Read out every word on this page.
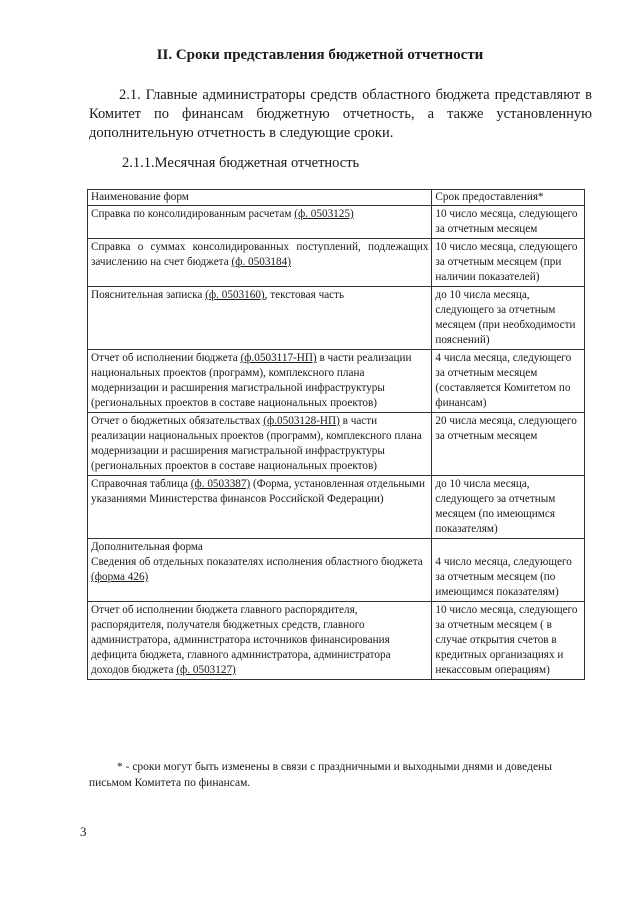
II. Сроки представления бюджетной отчетности
2.1. Главные администраторы средств областного бюджета представляют в Комитет по финансам бюджетную отчетность, а также установленную дополнительную отчетность в следующие сроки.
2.1.1.Месячная бюджетная отчетность
Наименование форм	Срок предоставления*
Справка по консолидированным расчетам (ф. 0503125)	10 число месяца, следующего за отчетным месяцем
Справка о суммах консолидированных поступлений, подлежащих зачислению на счет бюджета (ф. 0503184)	10 число месяца, следующего за отчетным месяцем (при наличии показателей)
Пояснительная записка (ф. 0503160), текстовая часть	до 10 числа месяца, следующего за отчетным месяцем (при необходимости пояснений)
Отчет об исполнении бюджета (ф.0503117-НП) в части реализации национальных проектов (программ), комплексного плана модернизации и расширения магистральной инфраструктуры (региональных проектов в составе национальных проектов)	4 числа месяца, следующего за отчетным месяцем (составляется Комитетом по финансам)
Отчет о бюджетных обязательствах (ф.0503128-НП) в части реализации национальных проектов (программ), комплексного плана модернизации и расширения магистральной инфраструктуры (региональных проектов в составе национальных проектов)	20 числа месяца, следующего за отчетным месяцем
Справочная таблица (ф. 0503387) (Форма, установленная отдельными указаниями Министерства финансов Российской Федерации)	до 10 числа месяца, следующего за отчетным месяцем (по имеющимся показателям)

Дополнительная форма
Сведения об отдельных показателях исполнения областного бюджета (форма 426)	4 число месяца, следующего за отчетным месяцем (по имеющимся показателям)
Отчет об исполнении бюджета главного распорядителя, распорядителя, получателя бюджетных средств, главного администратора, администратора источников финансирования дефицита бюджета, главного администратора, администратора доходов бюджета (ф. 0503127)	10 число месяца, следующего за отчетным месяцем ( в случае открытия счетов в кредитных организациях и некассовым операциям)
* - сроки могут быть изменены в связи с праздничными и выходными днями и доведены письмом Комитета по финансам.
3
